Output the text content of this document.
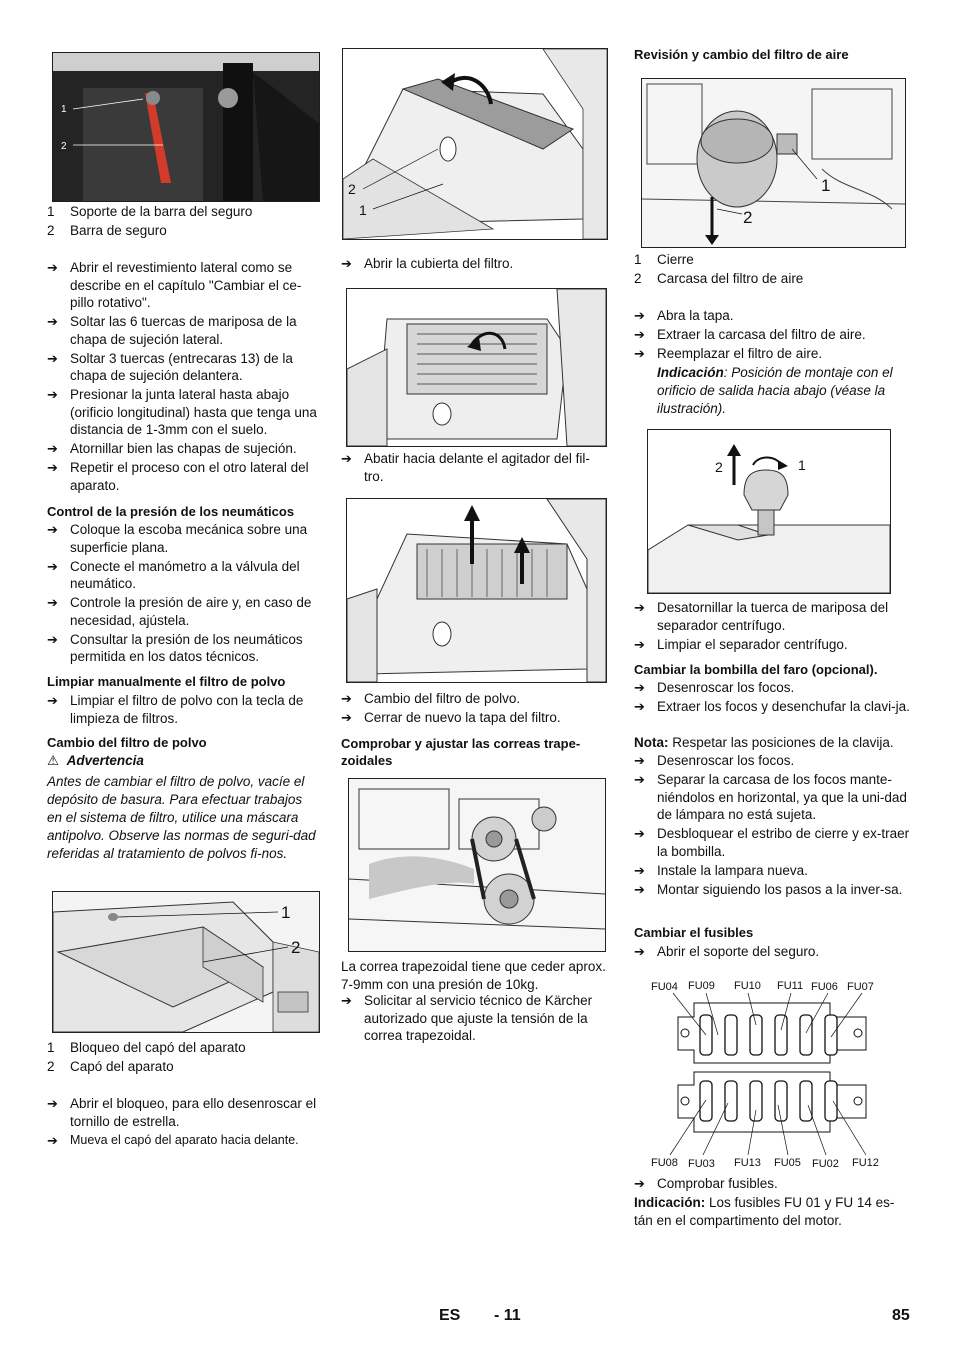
1
2
1 Soporte de la barra del seguro
2 Barra de seguro
➔ Abrir el revestimiento lateral como se describe en el capítulo "Cambiar el ce-pillo rotativo".
➔ Soltar las 6 tuercas de mariposa de la chapa de sujeción lateral.
➔ Soltar 3 tuercas (entrecaras 13) de la chapa de sujeción delantera.
➔ Presionar la junta lateral hasta abajo (orificio longitudinal) hasta que tenga una distancia de 1-3mm con el suelo.
➔ Atornillar bien las chapas de sujeción.
➔ Repetir el proceso con el otro lateral del aparato.
Control de la presión de los neumáticos
➔ Coloque la escoba mecánica sobre una superficie plana.
➔ Conecte el manómetro a la válvula del neumático.
➔ Controle la presión de aire y, en caso de necesidad, ajústela.
➔ Consultar la presión de los neumáticos permitida en los datos técnicos.
Limpiar manualmente el filtro de polvo
➔ Limpiar el filtro de polvo con la tecla de limpieza de filtros.
Cambio del filtro de polvo
⚠ Advertencia
Antes de cambiar el filtro de polvo, vacíe el depósito de basura. Para efectuar trabajos en el sistema de filtro, utilice una máscara antipolvo. Observe las normas de seguri-dad referidas al tratamiento de polvos fi-nos.
1
2
1 Bloqueo del capó del aparato
2 Capó del aparato
➔ Abrir el bloqueo, para ello desenroscar el tornillo de estrella.
➔ Mueva el capó del aparato hacia delante.
2
1
➔ Abrir la cubierta del filtro.
➔ Abatir hacia delante el agitador del fil-tro.
➔ Cambio del filtro de polvo.
➔ Cerrar de nuevo la tapa del filtro.
Comprobar y ajustar las correas trape-zoidales
La correa trapezoidal tiene que ceder aprox. 7-9mm con una presión de 10kg.
➔ Solicitar al servicio técnico de Kärcher autorizado que ajuste la tensión de la correa trapezoidal.
Revisión y cambio del filtro de aire
1
2
1 Cierre
2 Carcasa del filtro de aire
➔ Abra la tapa.
➔ Extraer la carcasa del filtro de aire.
➔ Reemplazar el filtro de aire.
Indicación: Posición de montaje con el orificio de salida hacia abajo (véase la ilustración).
2	1
➔ Desatornillar la tuerca de mariposa del separador centrífugo.
➔ Limpiar el separador centrífugo.
Cambiar la bombilla del faro (opcional).
➔ Desenroscar los focos.
➔ Extraer los focos y desenchufar la clavi-ja.
Nota: Respetar las posiciones de la clavija.
➔ Desenroscar los focos.
➔ Separar la carcasa de los focos mante-niéndolos en horizontal, ya que la uni-dad de lámpara no está sujeta.
➔ Desbloquear el estribo de cierre y ex-traer la bombilla.
➔ Instale la lampara nueva.
➔ Montar siguiendo los pasos a la inver-sa.
Cambiar el fusibles
➔ Abrir el soporte del seguro.
FU04 FU09 FU10 FU11 FU06 FU07
FU08 FU03 FU13 FU05 FU02 FU12
➔ Comprobar fusibles.
Indicación: Los fusibles FU 01 y FU 14 es-tán en el compartimento del motor.
ES - 11	85
